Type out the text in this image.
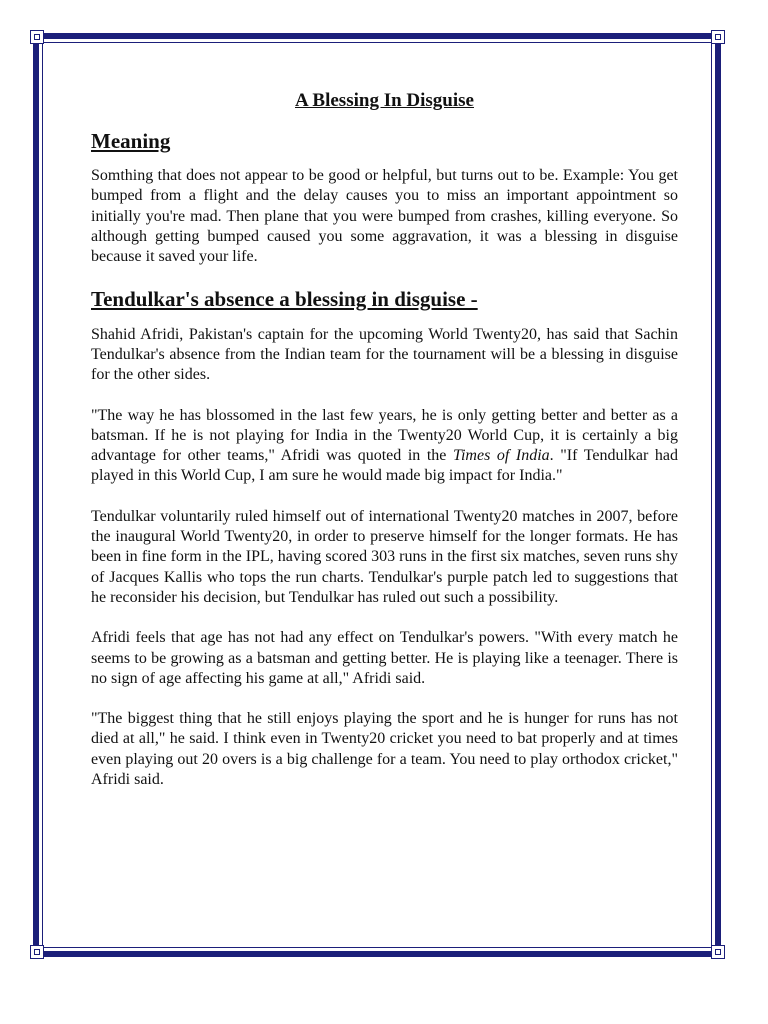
A Blessing In Disguise
Meaning

Somthing that does not appear to be good or helpful, but turns out to be. Example: You get bumped from a flight and the delay causes you to miss an important appointment so initially you're mad. Then plane that you were bumped from crashes, killing everyone. So although getting bumped caused you some aggravation, it was a blessing in disguise because it saved your life.

Tendulkar's absence a blessing in disguise -

Shahid Afridi, Pakistan's captain for the upcoming World Twenty20, has said that Sachin Tendulkar's absence from the Indian team for the tournament will be a blessing in disguise for the other sides.

"The way he has blossomed in the last few years, he is only getting better and better as a batsman. If he is not playing for India in the Twenty20 World Cup, it is certainly a big advantage for other teams," Afridi was quoted in the Times of India. "If Tendulkar had played in this World Cup, I am sure he would made big impact for India."

Tendulkar voluntarily ruled himself out of international Twenty20 matches in 2007, before the inaugural World Twenty20, in order to preserve himself for the longer formats. He has been in fine form in the IPL, having scored 303 runs in the first six matches, seven runs shy of Jacques Kallis who tops the run charts. Tendulkar's purple patch led to suggestions that he reconsider his decision, but Tendulkar has ruled out such a possibility.

Afridi feels that age has not had any effect on Tendulkar's powers. "With every match he seems to be growing as a batsman and getting better. He is playing like a teenager. There is no sign of age affecting his game at all," Afridi said.

"The biggest thing that he still enjoys playing the sport and he is hunger for runs has not died at all," he said. I think even in Twenty20 cricket you need to bat properly and at times even playing out 20 overs is a big challenge for a team. You need to play orthodox cricket," Afridi said.
